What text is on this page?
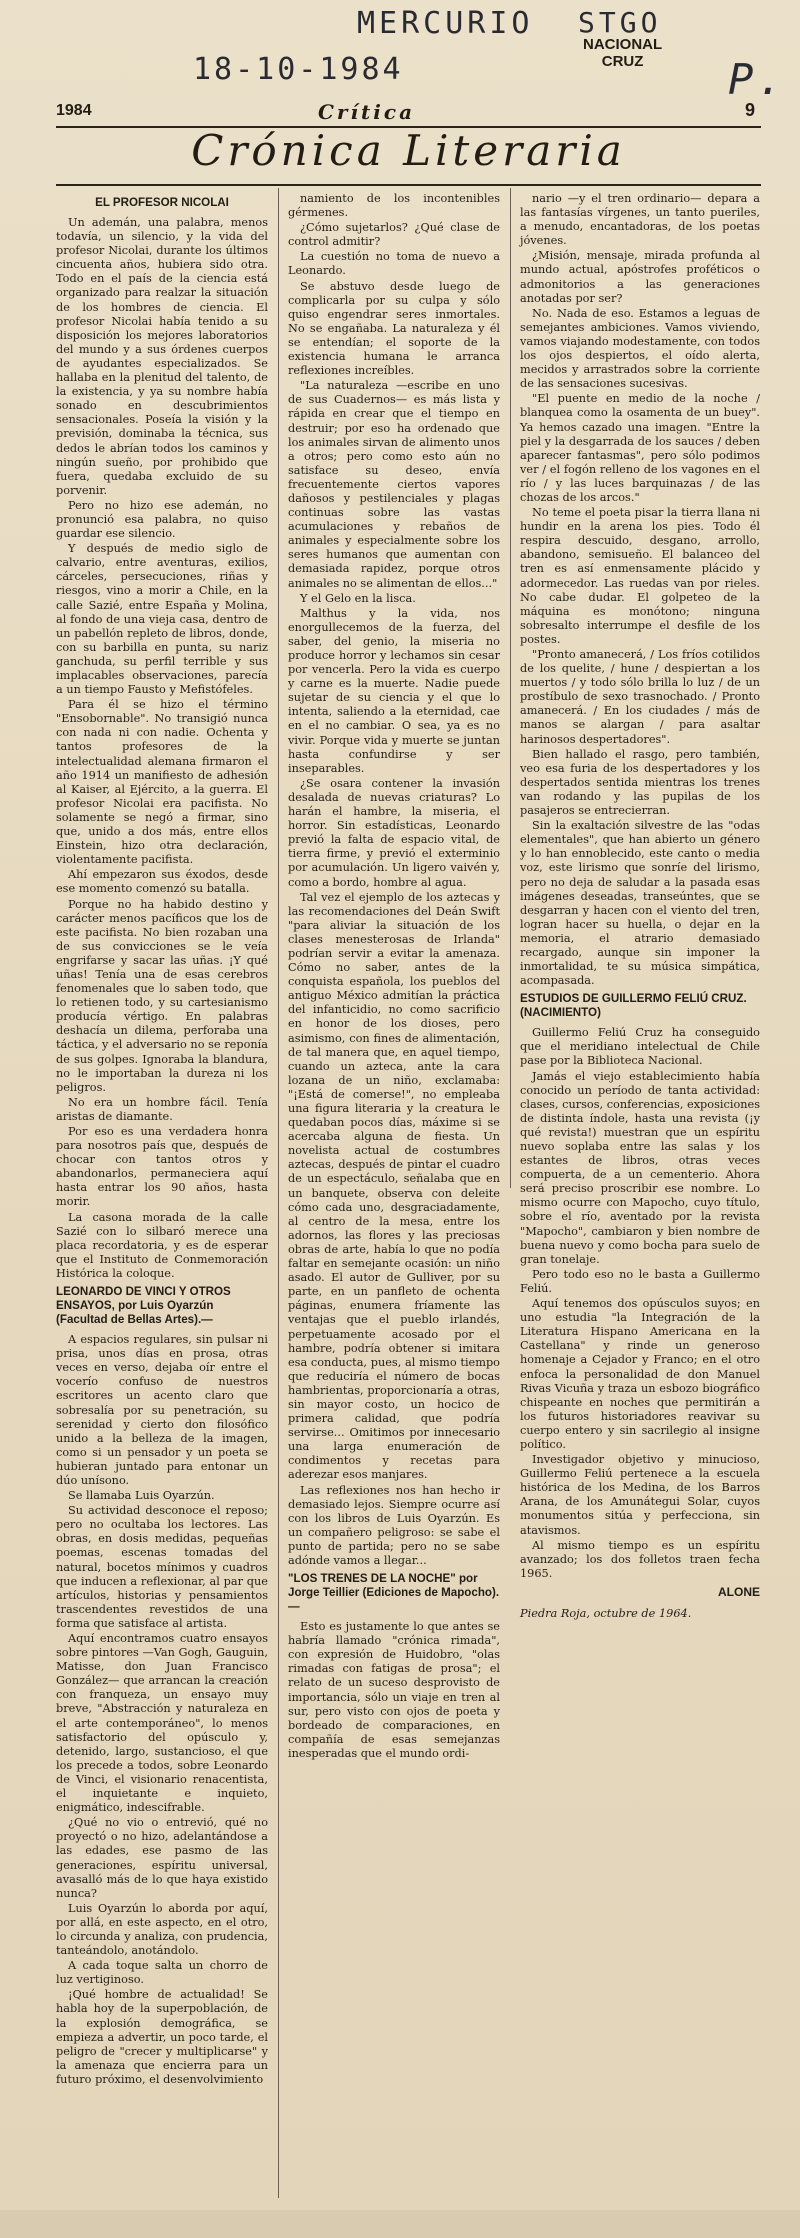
MERCURIO STGO
18-10-1984	P.
NACIONAL
CRUZ
1984	Crítica	9
Crónica Literaria
EL PROFESOR NICOLAI

Un ademán, una palabra, menos todavía, un silencio, y la vida del profesor Nicolai, durante los últimos cincuenta años, hubiera sido otra. Todo en el país de la ciencia está organizado para realzar la situación de los hombres de ciencia. El profesor Nicolai había tenido a su disposición los mejores laboratorios del mundo y a sus órdenes cuerpos de ayudantes especializados. Se hallaba en la plenitud del talento, de la existencia, y ya su nombre había sonado en descubrimientos sensacionales. Poseía la visión y la previsión, dominaba la técnica, sus dedos le abrían todos los caminos y ningún sueño, por prohibido que fuera, quedaba excluido de su porvenir.

Pero no hizo ese ademán, no pronunció esa palabra, no quiso guardar ese silencio.

Y después de medio siglo de calvario, entre aventuras, exilios, cárceles, persecuciones, riñas y riesgos, vino a morir a Chile, en la calle Sazié, entre España y Molina, al fondo de una vieja casa, dentro de un pabellón repleto de libros, donde, con su barbilla en punta, su nariz ganchuda, su perfil terrible y sus implacables observaciones, parecía a un tiempo Fausto y Mefistófeles.

Para él se hizo el término "Ensobornable". No transigió nunca con nada ni con nadie. Ochenta y tantos profesores de la intelectualidad alemana firmaron el año 1914 un manifiesto de adhesión al Kaiser, al Ejército, a la guerra. El profesor Nicolai era pacifista. No solamente se negó a firmar, sino que, unido a dos más, entre ellos Einstein, hizo otra declaración, violentamente pacifista.

Ahí empezaron sus éxodos, desde ese momento comenzó su batalla.

Porque no ha habido destino y carácter menos pacíficos que los de este pacifista. No bien rozaban una de sus convicciones se le veía engrifarse y sacar las uñas. ¡Y qué uñas! Tenía una de esas cerebros fenomenales que lo saben todo, que lo retienen todo, y su cartesianismo producía vértigo. En palabras deshacía un dilema, perforaba una táctica, y el adversario no se reponía de sus golpes. Ignoraba la blandura, no le importaban la dureza ni los peligros.

No era un hombre fácil. Tenía aristas de diamante.

Por eso es una verdadera honra para nosotros país que, después de chocar con tantos otros y abandonarlos, permaneciera aquí hasta entrar los 90 años, hasta morir.

La casona morada de la calle Sazié con lo silbaró merece una placa recordatoria, y es de esperar que el Instituto de Conmemoración Histórica la coloque.

LEONARDO DE VINCI Y OTROS ENSAYOS, por Luis Oyarzún (Facultad de Bellas Artes).—

A espacios regulares, sin pulsar ni prisa, unos días en prosa, otras veces en verso, dejaba oír entre el vocerío confuso de nuestros escritores un acento claro que sobresalía por su penetración, su serenidad y cierto don filosófico unido a la belleza de la imagen, como si un pensador y un poeta se hubieran juntado para entonar un dúo unísono.

Se llamaba Luis Oyarzún.

Su actividad desconoce el reposo; pero no ocultaba los lectores. Las obras, en dosis medidas, pequeñas poemas, escenas tomadas del natural, bocetos mínimos y cuadros que inducen a reflexionar, al par que artículos, historias y pensamientos trascendentes revestidos de una forma que satisface al artista.

Aquí encontramos cuatro ensayos sobre pintores —Van Gogh, Gauguin, Matisse, don Juan Francisco González— que arrancan la creación con franqueza, un ensayo muy breve, "Abstracción y naturaleza en el arte contemporáneo", lo menos satisfactorio del opúsculo y, detenido, largo, sustancioso, el que los precede a todos, sobre Leonardo de Vinci, el visionario renacentista, el inquietante e inquieto, enigmático, indescifrable.

¿Qué no vio o entrevió, qué no proyectó o no hizo, adelantándose a las edades, ese pasmo de las generaciones, espíritu universal, avasalló más de lo que haya existido nunca?

Luis Oyarzún lo aborda por aquí, por allá, en este aspecto, en el otro, lo circunda y analiza, con prudencia, tanteándolo, anotándolo.

A cada toque salta un chorro de luz vertiginoso.

¡Qué hombre de actualidad! Se habla hoy de la superpoblación, de la explosión demográfica, se empieza a advertir, un poco tarde, el peligro de "crecer y multiplicarse" y la amenaza que encierra para un futuro próximo, el desenvolvimiento

namiento de los incontenibles gérmenes.

¿Cómo sujetarlos? ¿Qué clase de control admitir?

La cuestión no toma de nuevo a Leonardo.

Se abstuvo desde luego de complicarla por su culpa y sólo quiso engendrar seres inmortales. No se engañaba. La naturaleza y él se entendían; el soporte de la existencia humana le arranca reflexiones increíbles.

"La naturaleza —escribe en uno de sus Cuadernos— es más lista y rápida en crear que el tiempo en destruir; por eso ha ordenado que los animales sirvan de alimento unos a otros; pero como esto aún no satisface su deseo, envía frecuentemente ciertos vapores dañosos y pestilenciales y plagas continuas sobre las vastas acumulaciones y rebaños de animales y especialmente sobre los seres humanos que aumentan con demasiada rapidez, porque otros animales no se alimentan de ellos..."

Y el Gelo en la lisca.

Malthus y la vida, nos enorgullecemos de la fuerza, del saber, del genio, la miseria no produce horror y lechamos sin cesar por vencerla. Pero la vida es cuerpo y carne es la muerte. Nadie puede sujetar de su ciencia y el que lo intenta, saliendo a la eternidad, cae en el no cambiar. O sea, ya es no vivir. Porque vida y muerte se juntan hasta confundirse y ser inseparables.

¿Se osara contener la invasión desalada de nuevas criaturas? Lo harán el hambre, la miseria, el horror. Sin estadísticas, Leonardo previó la falta de espacio vital, de tierra firme, y previó el exterminio por acumulación. Un ligero vaivén y, como a bordo, hombre al agua.

Tal vez el ejemplo de los aztecas y las recomendaciones del Deán Swift "para aliviar la situación de los clases menesterosas de Irlanda" podrían servir a evitar la amenaza. Cómo no saber, antes de la conquista española, los pueblos del antiguo México admitían la práctica del infanticidio, no como sacrificio en honor de los dioses, pero asimismo, con fines de alimentación, de tal manera que, en aquel tiempo, cuando un azteca, ante la cara lozana de un niño, exclamaba: "¡Está de comerse!", no empleaba una figura literaria y la creatura le quedaban pocos días, máxime si se acercaba alguna de fiesta. Un novelista actual de costumbres aztecas, después de pintar el cuadro de un espectáculo, señalaba que en un banquete, observa con deleite cómo cada uno, desgraciadamente, al centro de la mesa, entre los adornos, las flores y las preciosas obras de arte, había lo que no podía faltar en semejante ocasión: un niño asado. El autor de Gulliver, por su parte, en un panfleto de ochenta páginas, enumera fríamente las ventajas que el pueblo irlandés, perpetuamente acosado por el hambre, podría obtener si imitara esa conducta, pues, al mismo tiempo que reduciría el número de bocas hambrientas, proporcionaría a otras, sin mayor costo, un hocico de primera calidad, que podría servirse... Omitimos por innecesario una larga enumeración de condimentos y recetas para aderezar esos manjares.

Las reflexiones nos han hecho ir demasiado lejos. Siempre ocurre así con los libros de Luis Oyarzún. Es un compañero peligroso: se sabe el punto de partida; pero no se sabe adónde vamos a llegar...

"LOS TRENES DE LA NOCHE" por Jorge Teillier (Ediciones de Mapocho).—

Esto es justamente lo que antes se habría llamado "crónica rimada", con expresión de Huidobro, "olas rimadas con fatigas de prosa"; el relato de un suceso desprovisto de importancia, sólo un viaje en tren al sur, pero visto con ojos de poeta y bordeado de comparaciones, en compañía de esas semejanzas inesperadas que el mundo ordi-

nario —y el tren ordinario— depara a las fantasías vírgenes, un tanto pueriles, a menudo, encantadoras, de los poetas jóvenes.

¿Misión, mensaje, mirada profunda al mundo actual, apóstrofes proféticos o admonitorios a las generaciones anotadas por ser?

No. Nada de eso. Estamos a leguas de semejantes ambiciones. Vamos viviendo, vamos viajando modestamente, con todos los ojos despiertos, el oído alerta, mecidos y arrastrados sobre la corriente de las sensaciones sucesivas.

"El puente en medio de la noche / blanquea como la osamenta de un buey". Ya hemos cazado una imagen. "Entre la piel y la desgarrada de los sauces / deben aparecer fantasmas", pero sólo podimos ver / el fogón relleno de los vagones en el río / y las luces barquinazas / de las chozas de los arcos."

No teme el poeta pisar la tierra llana ni hundir en la arena los pies. Todo él respira descuido, desgano, arrollo, abandono, semisueño. El balanceo del tren es así enmensamente plácido y adormecedor. Las ruedas van por rieles. No cabe dudar. El golpeteo de la máquina es monótono; ninguna sobresalto interrumpe el desfile de los postes.

"Pronto amanecerá, / Los fríos cotilidos de los quelite, / hune / despiertan a los muertos / y todo sólo brilla lo luz / de un prostíbulo de sexo trasnochado. / Pronto amanecerá. / En los ciudades / más de manos se alargan / para asaltar harinosos despertadores".

Bien hallado el rasgo, pero también, veo esa furia de los despertadores y los despertados sentida mientras los trenes van rodando y las pupilas de los pasajeros se entrecierran.

Sin la exaltación silvestre de las "odas elementales", que han abierto un género y lo han ennoblecido, este canto o media voz, este lirismo que sonríe del lirismo, pero no deja de saludar a la pasada esas imágenes deseadas, transeúntes, que se desgarran y hacen con el viento del tren, logran hacer su huella, o dejar en la memoria, el atrario demasiado recargado, aunque sin imponer la inmortalidad, te su música simpática, acompasada.

ESTUDIOS DE GUILLERMO FELIÚ CRUZ. (NACIMIENTO)

Guillermo Feliú Cruz ha conseguido que el meridiano intelectual de Chile pase por la Biblioteca Nacional.

Jamás el viejo establecimiento había conocido un período de tanta actividad: clases, cursos, conferencias, exposiciones de distinta índole, hasta una revista (¡y qué revista!) muestran que un espíritu nuevo soplaba entre las salas y los estantes de libros, otras veces compuerta, de a un cementerio. Ahora será preciso proscribir ese nombre. Lo mismo ocurre con Mapocho, cuyo título, sobre el río, aventado por la revista "Mapocho", cambiaron y bien nombre de buena nuevo y como bocha para suelo de gran tonelaje.

Pero todo eso no le basta a Guillermo Feliú.

Aquí tenemos dos opúsculos suyos; en uno estudia "la Integración de la Literatura Hispano Americana en la Castellana" y rinde un generoso homenaje a Cejador y Franco; en el otro enfoca la personalidad de don Manuel Rivas Vicuña y traza un esbozo biográfico chispeante en noches que permitirán a los futuros historiadores reavivar su cuerpo entero y sin sacrilegio al insigne político.

Investigador objetivo y minucioso, Guillermo Feliú pertenece a la escuela histórica de los Medina, de los Barros Arana, de los Amunátegui Solar, cuyos monumentos sitúa y perfecciona, sin atavismos.

Al mismo tiempo es un espíritu avanzado; los dos folletos traen fecha 1965.

ALONE

Piedra Roja, octubre de 1964.
